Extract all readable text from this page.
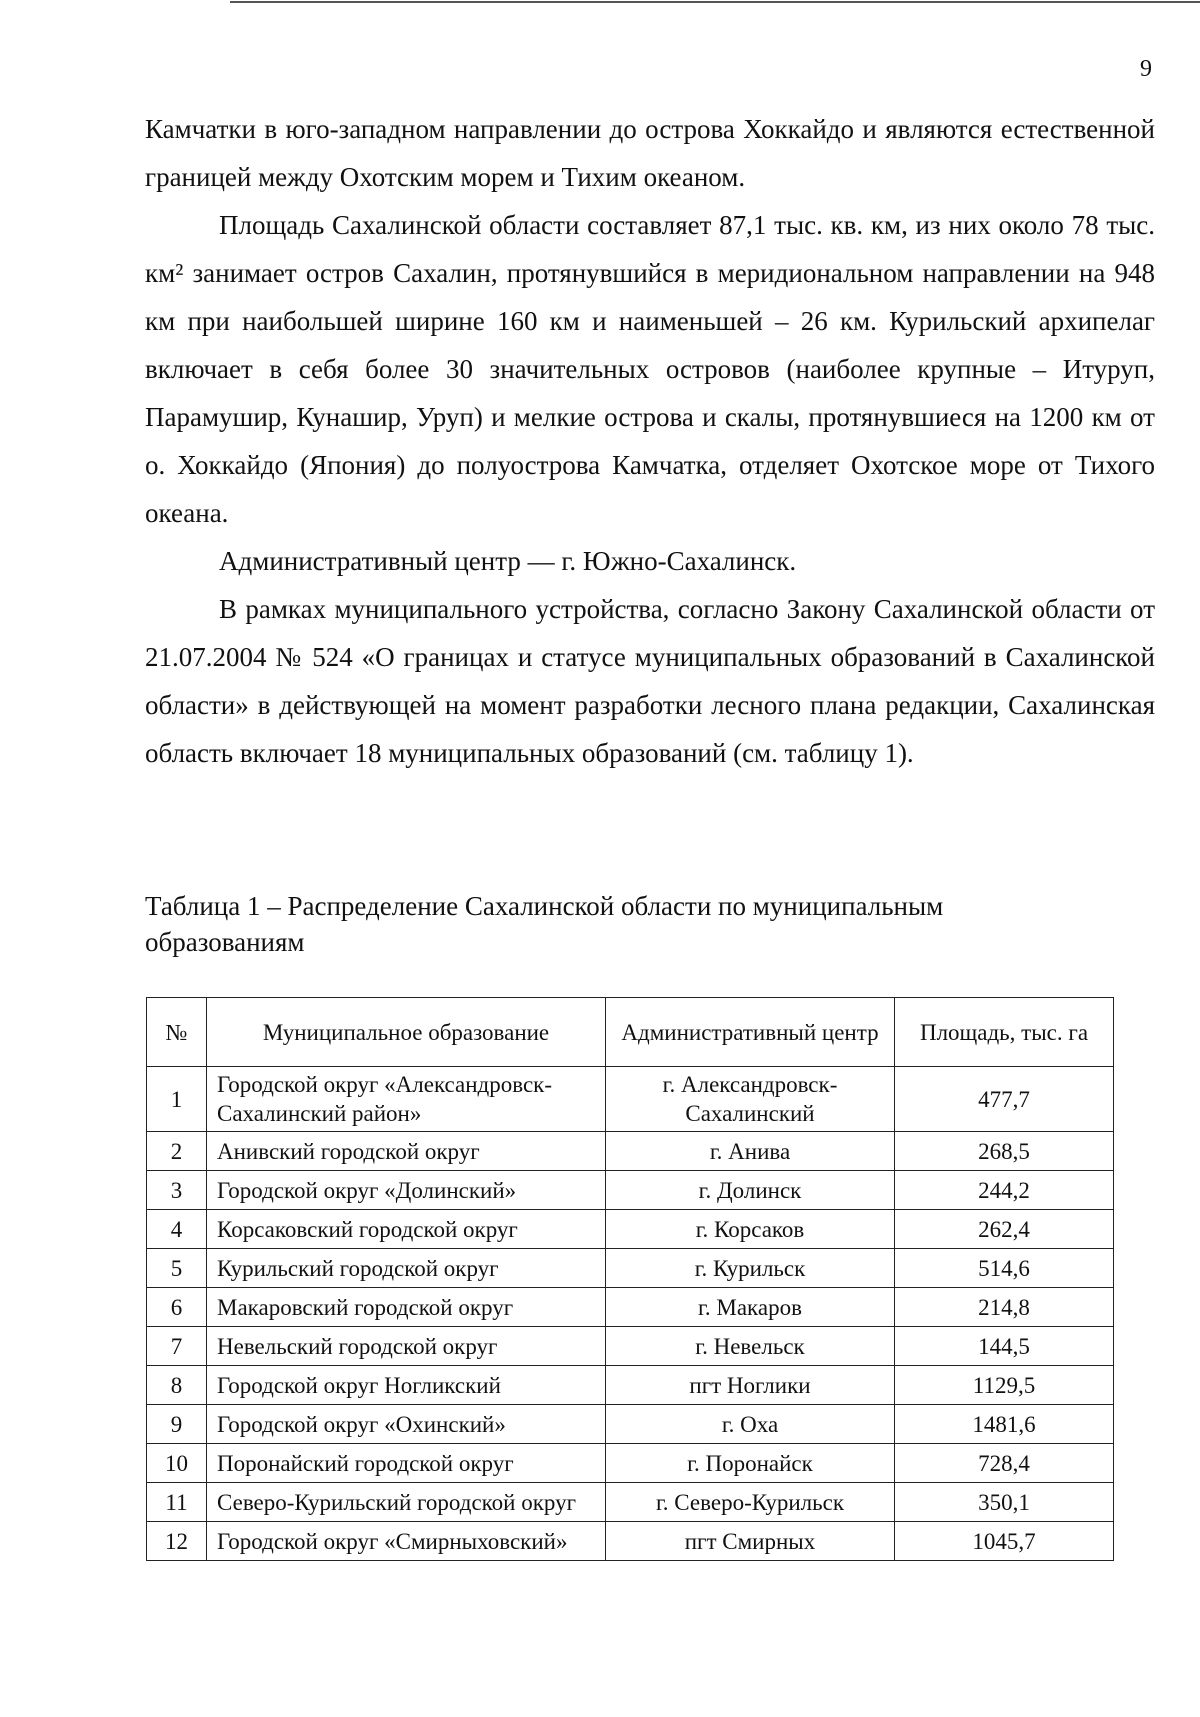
9

Камчатки в юго-западном направлении до острова Хоккайдо и являются естественной границей между Охотским морем и Тихим океаном.

Площадь Сахалинской области составляет 87,1 тыс. кв. км, из них около 78 тыс. км² занимает остров Сахалин, протянувшийся в меридиональном направлении на 948 км при наибольшей ширине 160 км и наименьшей – 26 км. Курильский архипелаг включает в себя более 30 значительных островов (наиболее крупные – Итуруп, Парамушир, Кунашир, Уруп) и мелкие острова и скалы, протянувшиеся на 1200 км от о. Хоккайдо (Япония) до полуострова Камчатка, отделяет Охотское море от Тихого океана.

Административный центр — г. Южно-Сахалинск.

В рамках муниципального устройства, согласно Закону Сахалинской области от 21.07.2004 № 524 «О границах и статусе муниципальных образований в Сахалинской области» в действующей на момент разработки лесного плана редакции, Сахалинская область включает 18 муниципальных образований (см. таблицу 1).

Таблица 1 – Распределение Сахалинской области по муниципальным образованиям
№	Муниципальное образование	Административный центр	Площадь, тыс. га
1	Городской округ «Александровск-Сахалинский район»	г. Александровск-Сахалинский	477,7
2	Анивский городской округ	г. Анива	268,5
3	Городской округ «Долинский»	г. Долинск	244,2
4	Корсаковский городской округ	г. Корсаков	262,4
5	Курильский городской округ	г. Курильск	514,6
6	Макаровский городской округ	г. Макаров	214,8
7	Невельский городской округ	г. Невельск	144,5
8	Городской округ Ногликский	пгт Ноглики	1129,5
9	Городской округ «Охинский»	г. Оха	1481,6
10	Поронайский городской округ	г. Поронайск	728,4
11	Северо-Курильский городской округ	г. Северо-Курильск	350,1
12	Городской округ «Смирныховский»	пгт Смирных	1045,7
